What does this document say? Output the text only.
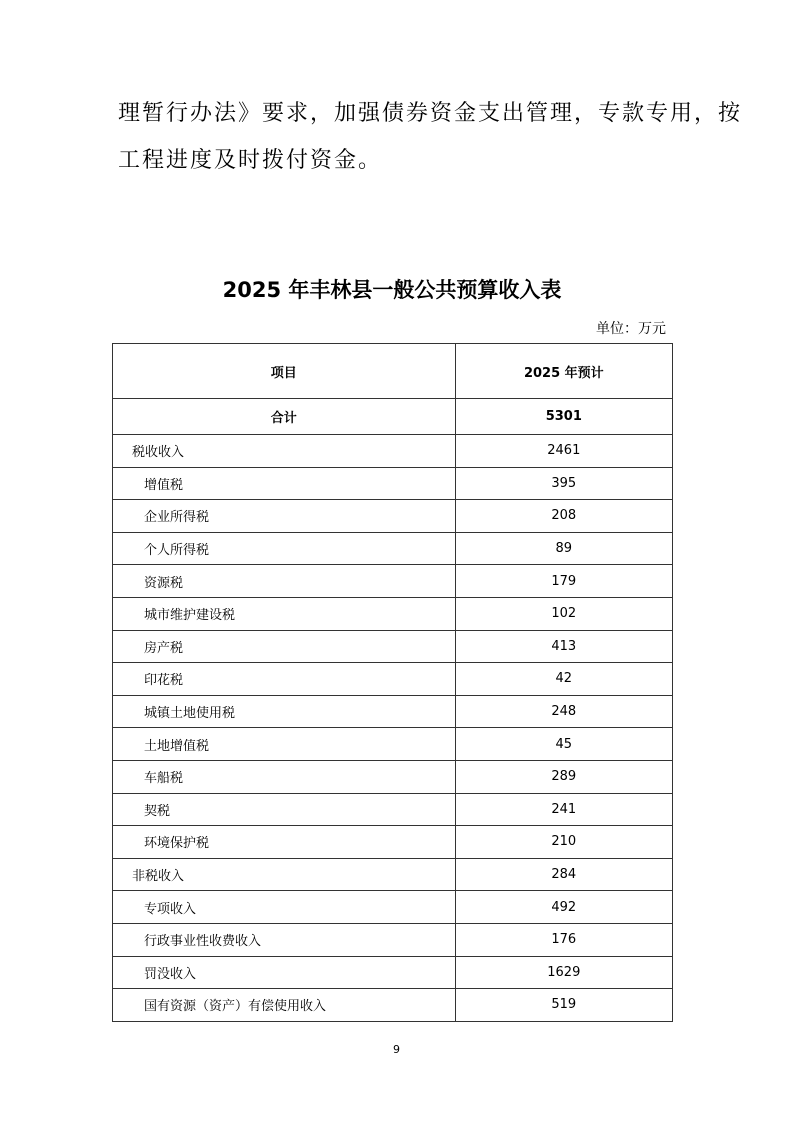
理暂行办法》要求，加强债券资金支出管理，专款专用，按

工程进度及时拨付资金。

2025 年丰林县一般公共预算收入表
单位：万元
项目	2025 年预计
合计	5301
税收收入	2461
增值税	395
企业所得税	208
个人所得税	89
资源税	179
城市维护建设税	102
房产税	413
印花税	42
城镇土地使用税	248
土地增值税	45
车船税	289
契税	241
环境保护税	210
非税收入	284
专项收入	492
行政事业性收费收入	176
罚没收入	1629
国有资源（资产）有偿使用收入	519
9
